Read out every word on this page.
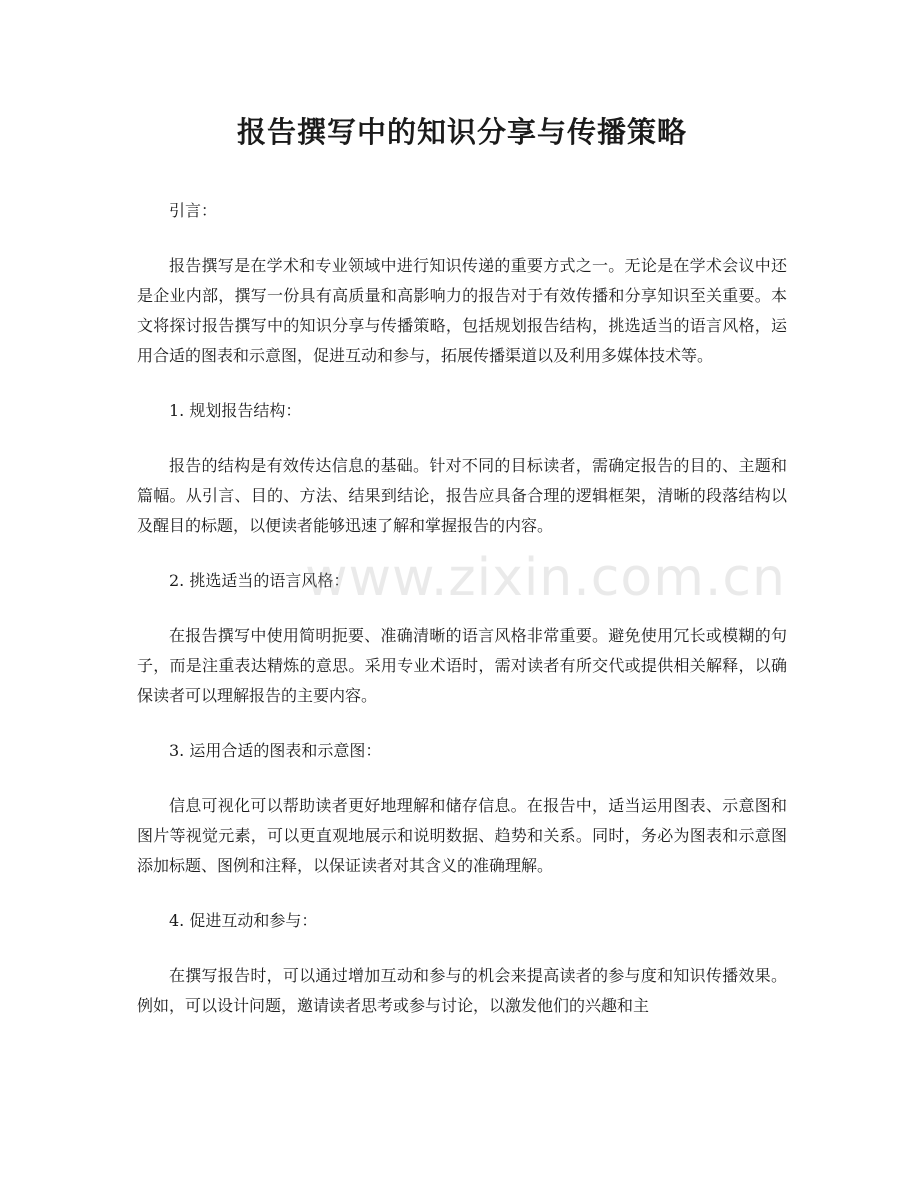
报告撰写中的知识分享与传播策略

引言：

报告撰写是在学术和专业领域中进行知识传递的重要方式之一。无论是在学术会议中还是企业内部，撰写一份具有高质量和高影响力的报告对于有效传播和分享知识至关重要。本文将探讨报告撰写中的知识分享与传播策略，包括规划报告结构，挑选适当的语言风格，运用合适的图表和示意图，促进互动和参与，拓展传播渠道以及利用多媒体技术等。

1. 规划报告结构：

报告的结构是有效传达信息的基础。针对不同的目标读者，需确定报告的目的、主题和篇幅。从引言、目的、方法、结果到结论，报告应具备合理的逻辑框架，清晰的段落结构以及醒目的标题，以便读者能够迅速了解和掌握报告的内容。

2. 挑选适当的语言风格：

在报告撰写中使用简明扼要、准确清晰的语言风格非常重要。避免使用冗长或模糊的句子，而是注重表达精炼的意思。采用专业术语时，需对读者有所交代或提供相关解释，以确保读者可以理解报告的主要内容。

3. 运用合适的图表和示意图：

信息可视化可以帮助读者更好地理解和储存信息。在报告中，适当运用图表、示意图和图片等视觉元素，可以更直观地展示和说明数据、趋势和关系。同时，务必为图表和示意图添加标题、图例和注释，以保证读者对其含义的准确理解。

4. 促进互动和参与：

在撰写报告时，可以通过增加互动和参与的机会来提高读者的参与度和知识传播效果。例如，可以设计问题，邀请读者思考或参与讨论，以激发他们的兴趣和主

www.zixin.com.cn
